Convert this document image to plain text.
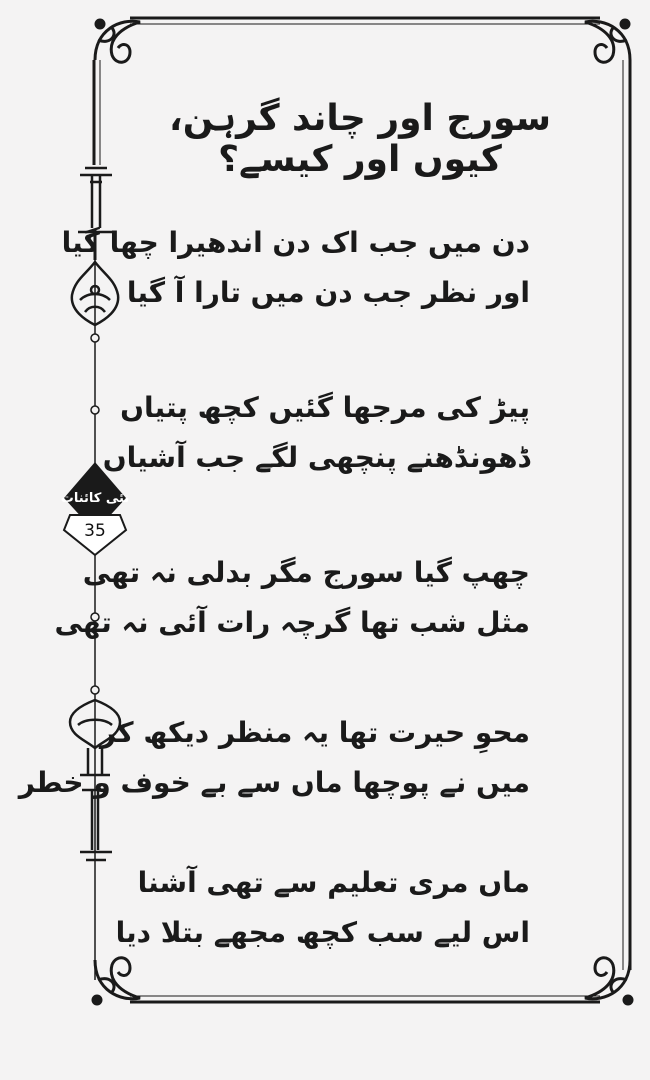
نئی کائنات
35
سورج اور چاند گرہن، کیوں اور کیسے؟
دن میں جب اک دن اندھیرا چھا گیا
اور نظر جب دن میں تارا آ گیا
پیڑ کی مرجھا گئیں کچھ پتیاں
ڈھونڈھنے پنچھی لگے جب آشیاں
چھپ گیا سورج مگر بدلی نہ تھی
مثل شب تھا گرچہ رات آئی نہ تھی
محوِ حیرت تھا یہ منظر دیکھ کر
میں نے پوچھا ماں سے بے خوف و خطر
ماں مری تعلیم سے تھی آشنا
اس لیے سب کچھ مجھے بتلا دیا
